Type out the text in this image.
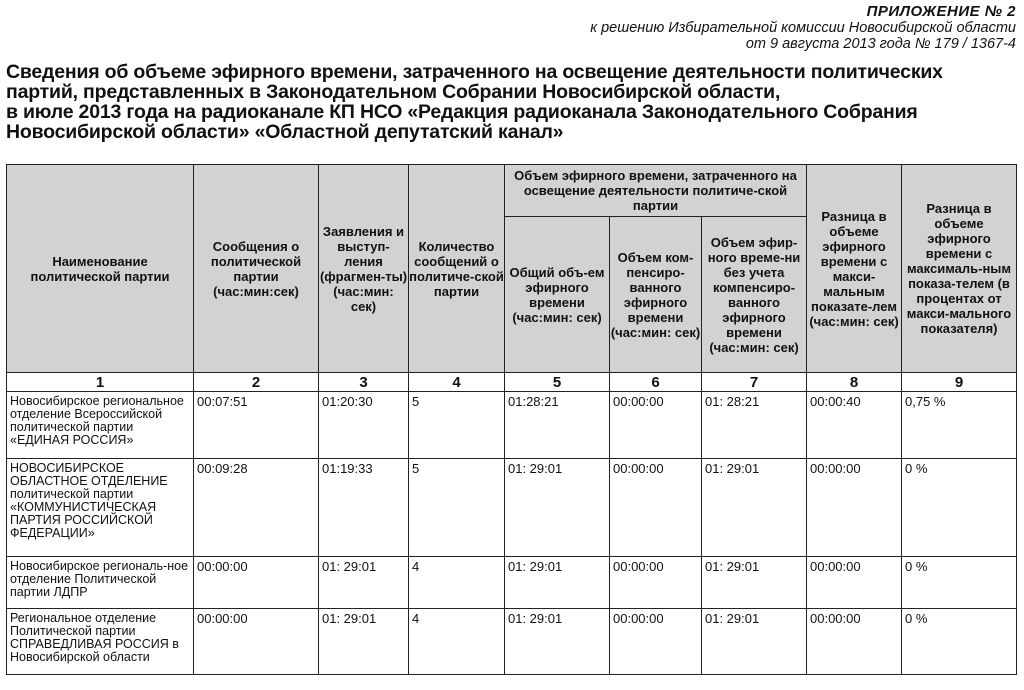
ПРИЛОЖЕНИЕ № 2
к решению Избирательной комиссии Новосибирской области
от 9 августа 2013 года № 179 / 1367-4
Сведения об объеме эфирного времени, затраченного на освещение деятельности политических
партий, представленных в Законодательном Собрании Новосибирской области,
в июле 2013 года на радиоканале КП НСО «Редакция радиоканала Законодательного Собрания
Новосибирской области» «Областной депутатский канал»
Наименование политической партии	Сообщения о политической партии (час:мин:сек)	Заявления и выступ-ления (фрагмен-ты) (час:мин: сек)	Количество сообщений о политиче-ской партии	Объем эфирного времени, затраченного на освещение деятельности политиче-ской партии			Разница в объеме эфирного времени с макси-мальным показате-лем (час:мин: сек)	Разница в объеме эфирного времени с максималь-ным показа-телем (в процентах от макси-мального показателя)
				Общий объ-ем эфирного времени (час:мин: сек)	Объем ком-пенсиро-ванного эфирного времени (час:мин: сек)	Объем эфир-ного време-ни без учета компенсиро-ванного эфирного времени (час:мин: сек)		
1	2	3	4	5	6	7	8	9
Новосибирское региональное отделение Всероссийской политической партии «ЕДИНАЯ РОССИЯ»	00:07:51	01:20:30	5	01:28:21	00:00:00	01: 28:21	00:00:40	0,75 %
НОВОСИБИРСКОЕ ОБЛАСТНОЕ ОТДЕЛЕНИЕ политической партии «КОММУНИСТИЧЕСКАЯ ПАРТИЯ РОССИЙСКОЙ ФЕДЕРАЦИИ»	00:09:28	01:19:33	5	01: 29:01	00:00:00	01: 29:01	00:00:00	0 %
Новосибирское региональ-ное отделение Политической партии ЛДПР	00:00:00	01: 29:01	4	01: 29:01	00:00:00	01: 29:01	00:00:00	0 %
Региональное отделение Политической партии СПРАВЕДЛИВАЯ РОССИЯ в Новосибирской области	00:00:00	01: 29:01	4	01: 29:01	00:00:00	01: 29:01	00:00:00	0 %
